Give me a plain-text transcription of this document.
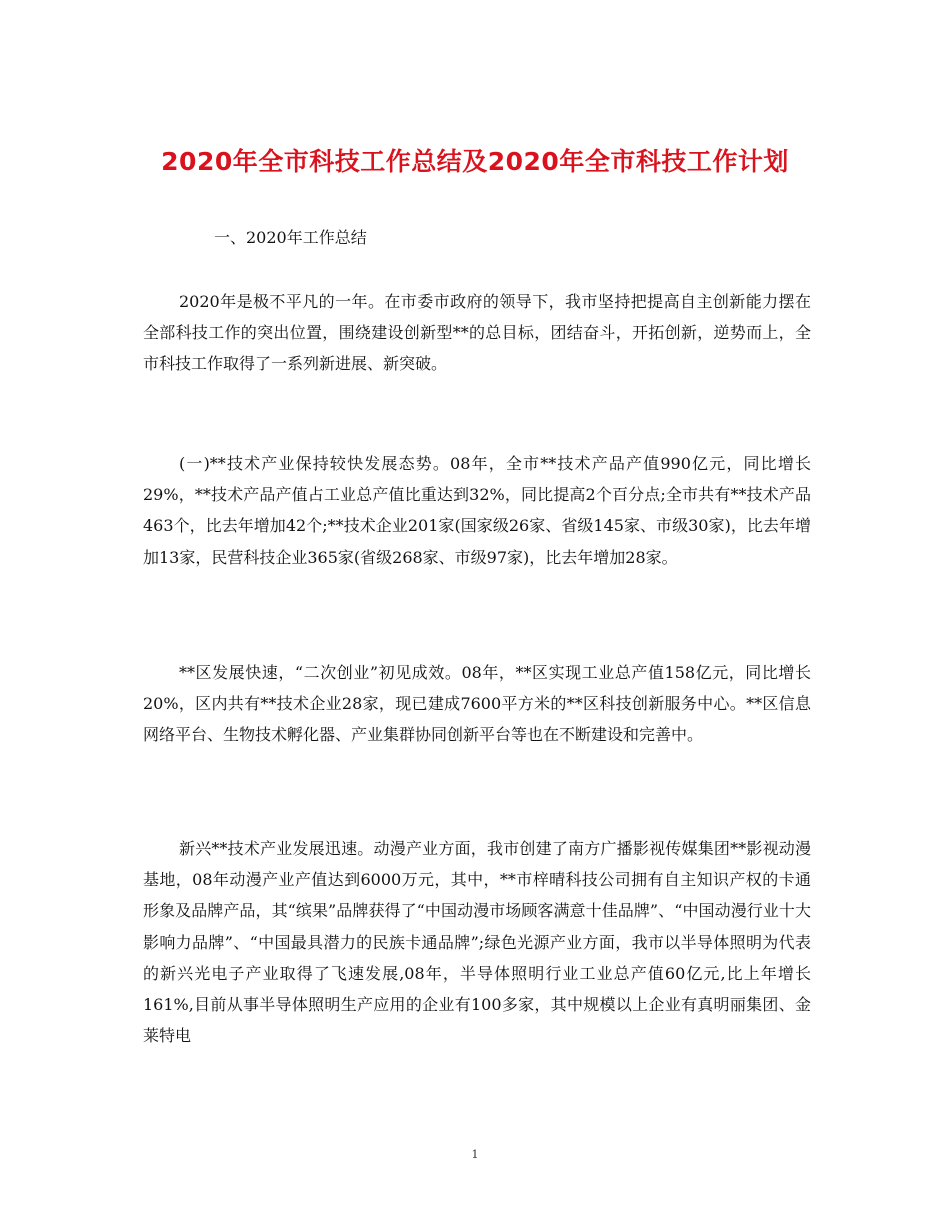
2020年全市科技工作总结及2020年全市科技工作计划
一、2020年工作总结

2020年是极不平凡的一年。在市委市政府的领导下，我市坚持把提高自主创新能力摆在全部科技工作的突出位置，围绕建设创新型**的总目标，团结奋斗，开拓创新，逆势而上，全市科技工作取得了一系列新进展、新突破。

(一)**技术产业保持较快发展态势。08年，全市**技术产品产值990亿元，同比增长29%，**技术产品产值占工业总产值比重达到32%，同比提高2个百分点;全市共有**技术产品463个，比去年增加42个;**技术企业201家(国家级26家、省级145家、市级30家)，比去年增加13家，民营科技企业365家(省级268家、市级97家)，比去年增加28家。

**区发展快速，“二次创业”初见成效。08年，**区实现工业总产值158亿元，同比增长20%，区内共有**技术企业28家，现已建成7600平方米的**区科技创新服务中心。**区信息网络平台、生物技术孵化器、产业集群协同创新平台等也在不断建设和完善中。

新兴**技术产业发展迅速。动漫产业方面，我市创建了南方广播影视传媒集团**影视动漫基地，08年动漫产业产值达到6000万元，其中，**市梓晴科技公司拥有自主知识产权的卡通形象及品牌产品，其“缤果”品牌获得了“中国动漫市场顾客满意十佳品牌”、“中国动漫行业十大影响力品牌”、“中国最具潜力的民族卡通品牌”;绿色光源产业方面，我市以半导体照明为代表的新兴光电子产业取得了飞速发展,08年，半导体照明行业工业总产值60亿元,比上年增长161%,目前从事半导体照明生产应用的企业有100多家，其中规模以上企业有真明丽集团、金莱特电

1
